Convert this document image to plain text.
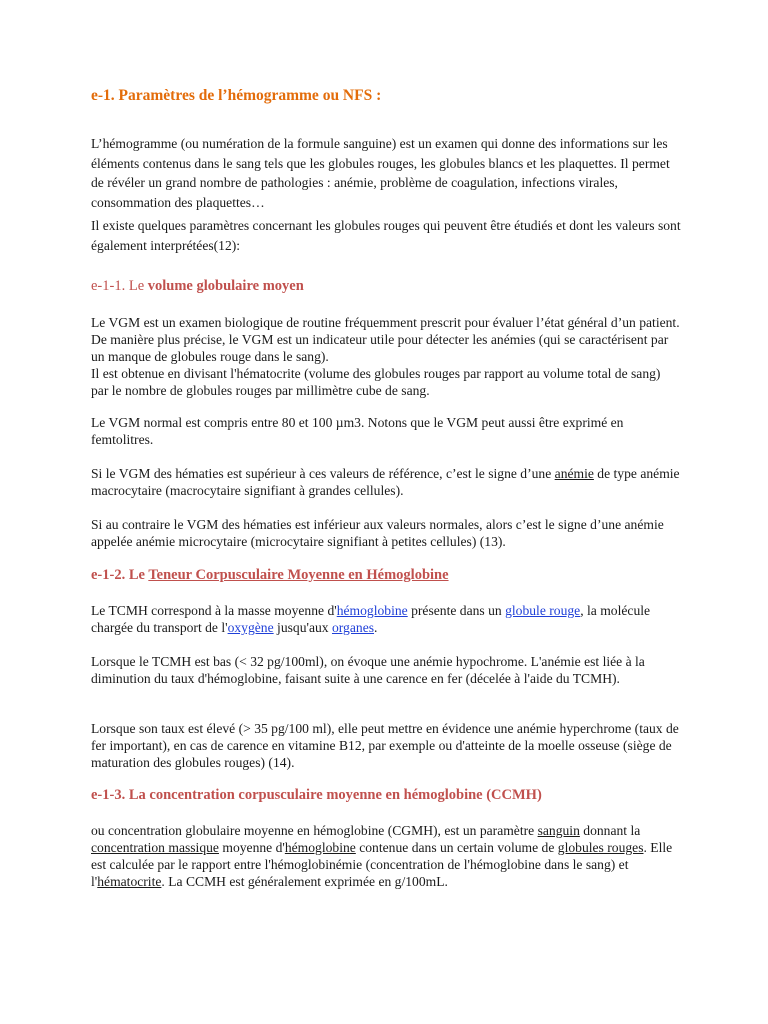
e-1. Paramètres de l’hémogramme ou NFS :

L’hémogramme (ou numération de la formule sanguine) est un examen qui donne des informations sur les éléments contenus dans le sang tels que les globules rouges, les globules blancs et les plaquettes. Il permet de révéler un grand nombre de pathologies : anémie, problème de coagulation, infections virales, consommation des plaquettes…

Il existe quelques paramètres concernant les globules rouges qui peuvent être étudiés et dont les valeurs sont également interprétées(12):

e-1-1. Le volume globulaire moyen

Le VGM est un examen biologique de routine fréquemment prescrit pour évaluer l’état général d’un patient. De manière plus précise, le VGM est un indicateur utile pour détecter les anémies (qui se caractérisent par un manque de globules rouge dans le sang).

Il est obtenue en divisant l'hématocrite (volume des globules rouges par rapport au volume total de sang) par le nombre de globules rouges par millimètre cube de sang.

Le VGM normal est compris entre 80 et 100 µm3. Notons que le VGM peut aussi être exprimé en femtolitres.

Si le VGM des hématies est supérieur à ces valeurs de référence, c’est le signe d’une anémie de type anémie macrocytaire (macrocytaire signifiant à grandes cellules).

Si au contraire le VGM des hématies est inférieur aux valeurs normales, alors c’est le signe d’une anémie appelée anémie microcytaire (microcytaire signifiant à petites cellules) (13).

e-1-2. Le Teneur Corpusculaire Moyenne en Hémoglobine

Le TCMH correspond à la masse moyenne d'hémoglobine présente dans un globule rouge, la molécule chargée du transport de l'oxygène jusqu'aux organes.

Lorsque le TCMH est bas (< 32 pg/100ml), on évoque une anémie hypochrome. L'anémie est liée à la diminution du taux d'hémoglobine, faisant suite à une carence en fer (décelée à l'aide du TCMH).

Lorsque son taux est élevé (> 35 pg/100 ml), elle peut mettre en évidence une anémie hyperchrome (taux de fer important), en cas de carence en vitamine B12, par exemple ou d'atteinte de la moelle osseuse (siège de maturation des globules rouges) (14).

e-1-3. La concentration corpusculaire moyenne en hémoglobine (CCMH)

ou concentration globulaire moyenne en hémoglobine (CGMH), est un paramètre sanguin donnant la concentration massique moyenne d'hémoglobine contenue dans un certain volume de globules rouges. Elle est calculée par le rapport entre l'hémoglobinémie (concentration de l'hémoglobine dans le sang) et l'hématocrite. La CCMH est généralement exprimée en g/100mL.
